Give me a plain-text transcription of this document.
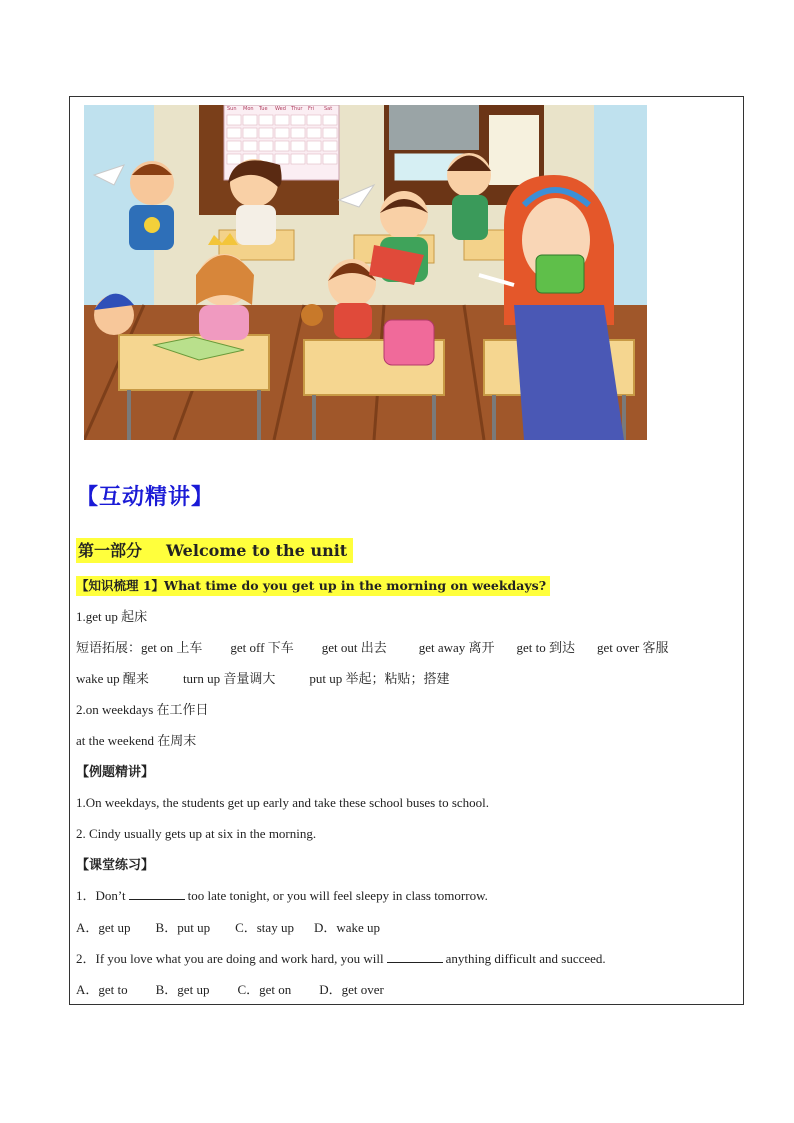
Sun Mon Tue Wed Thur Fri Sat
【互动精讲】
第一部分 Welcome to the unit
【知识梳理 1】What time do you get up in the morning on weekdays?
1.get up 起床
短语拓展：get on 上车 get off 下车 get out 出去 get away 离开 get to 到达 get over 客服
wake up 醒来	turn up 音量调大	put up 举起；粘贴；搭建
2.on weekdays 在工作日
at the weekend 在周末
【例题精讲】
1.On weekdays, the students get up early and take these school buses to school.
2. Cindy usually gets up at six in the morning.
【课堂练习】
1．Don’t	too late tonight, or you will feel sleepy in class tomorrow.
A．get up B．put up C．stay up D．wake up
2．If you love what you are doing and work hard, you will	anything difficult and succeed.
A．get to B．get up C．get on D．get over
